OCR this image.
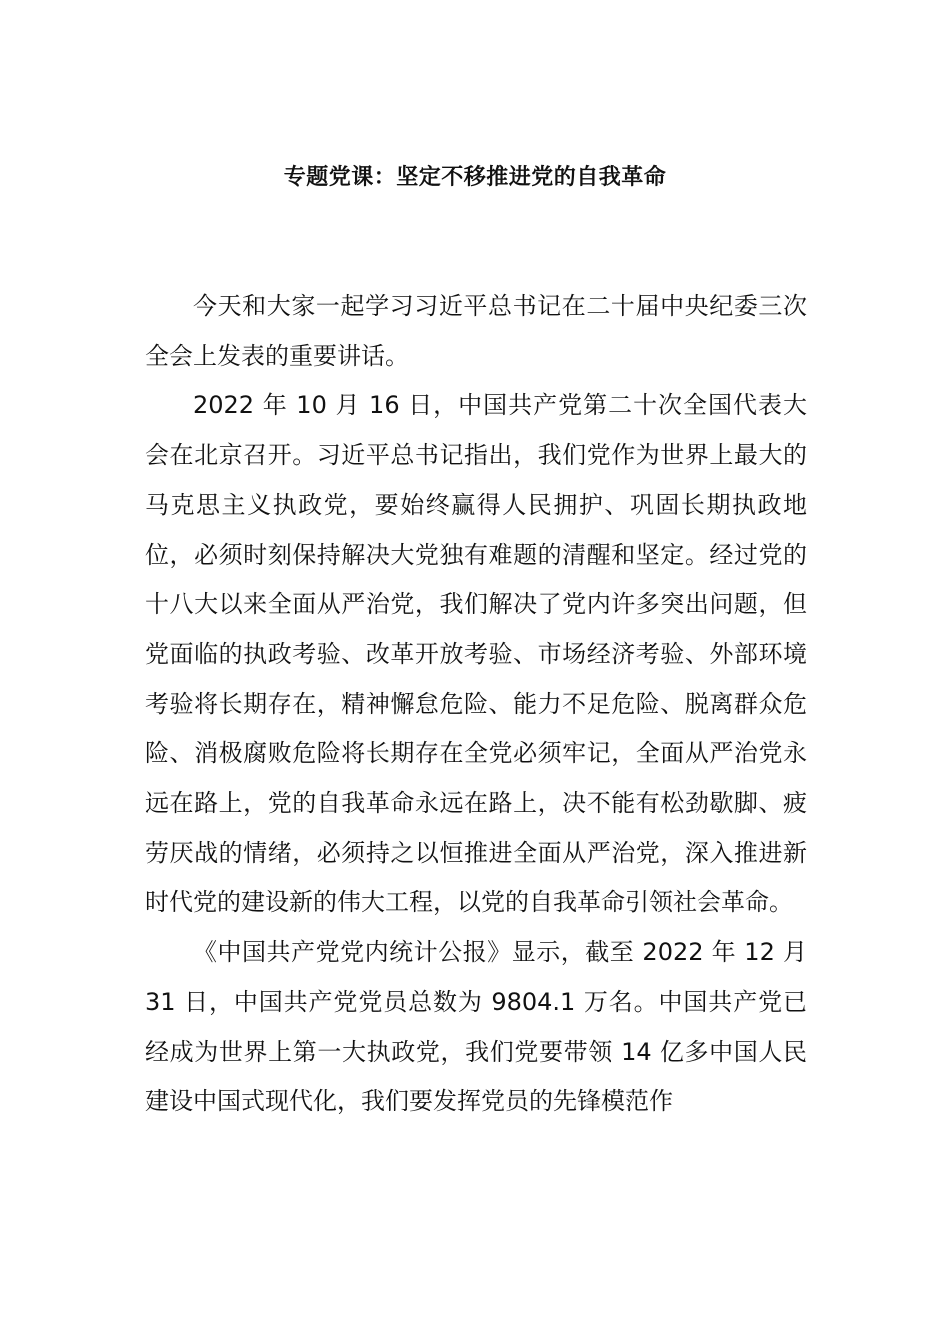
专题党课：坚定不移推进党的自我革命

今天和大家一起学习习近平总书记在二十届中央纪委三次全会上发表的重要讲话。

2022 年 10 月 16 日，中国共产党第二十次全国代表大会在北京召开。习近平总书记指出，我们党作为世界上最大的马克思主义执政党，要始终赢得人民拥护、巩固长期执政地位，必须时刻保持解决大党独有难题的清醒和坚定。经过党的十八大以来全面从严治党，我们解决了党内许多突出问题，但党面临的执政考验、改革开放考验、市场经济考验、外部环境考验将长期存在，精神懈怠危险、能力不足危险、脱离群众危险、消极腐败危险将长期存在全党必须牢记，全面从严治党永远在路上，党的自我革命永远在路上，决不能有松劲歇脚、疲劳厌战的情绪，必须持之以恒推进全面从严治党，深入推进新时代党的建设新的伟大工程，以党的自我革命引领社会革命。

《中国共产党党内统计公报》显示，截至 2022 年 12 月 31 日，中国共产党党员总数为 9804.1 万名。中国共产党已经成为世界上第一大执政党，我们党要带领 14 亿多中国人民建设中国式现代化，我们要发挥党员的先锋模范作
